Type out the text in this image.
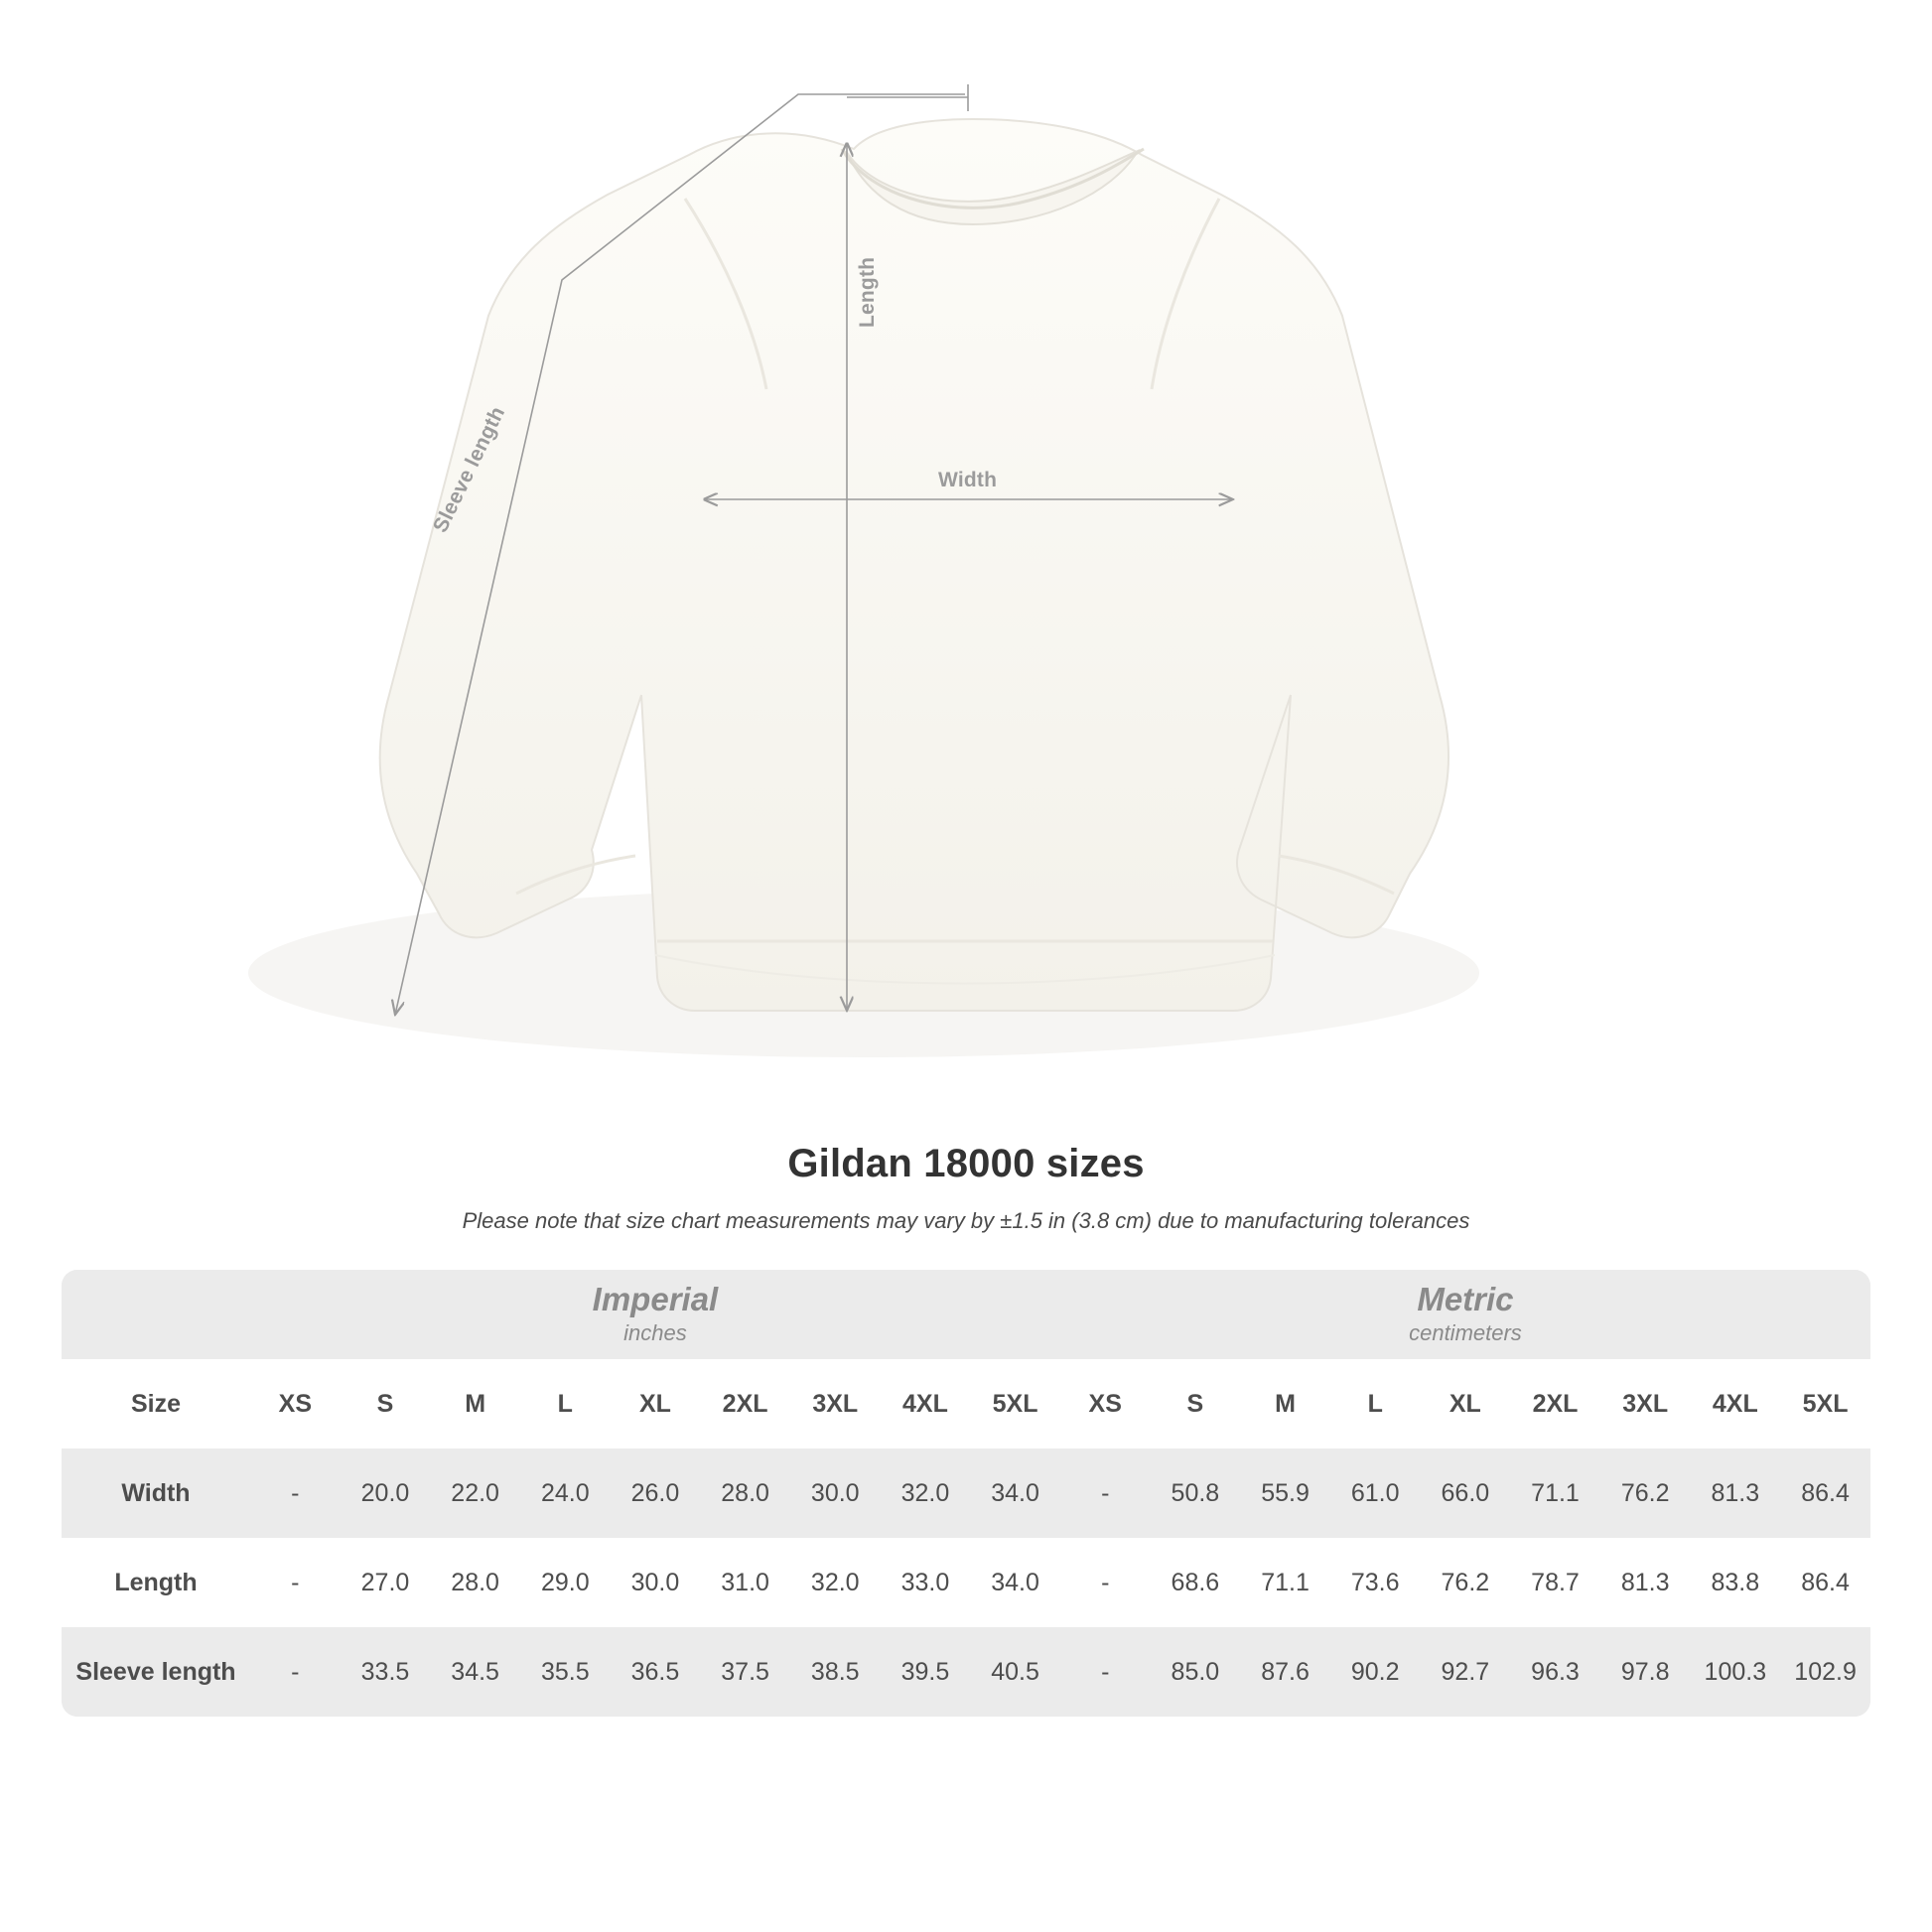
Width
Length
Sleeve length
Gildan 18000 sizes
Please note that size chart measurements may vary by ±1.5 in (3.8 cm) due to manufacturing tolerances

	Imperial
inches									Metric
centimeters								

Size	XS	S	M	L	XL	2XL	3XL	4XL	5XL	XS	S	M	L	XL	2XL	3XL	4XL	5XL
Width	-	20.0	22.0	24.0	26.0	28.0	30.0	32.0	34.0	-	50.8	55.9	61.0	66.0	71.1	76.2	81.3	86.4
Length	-	27.0	28.0	29.0	30.0	31.0	32.0	33.0	34.0	-	68.6	71.1	73.6	76.2	78.7	81.3	83.8	86.4
Sleeve length	-	33.5	34.5	35.5	36.5	37.5	38.5	39.5	40.5	-	85.0	87.6	90.2	92.7	96.3	97.8	100.3	102.9
